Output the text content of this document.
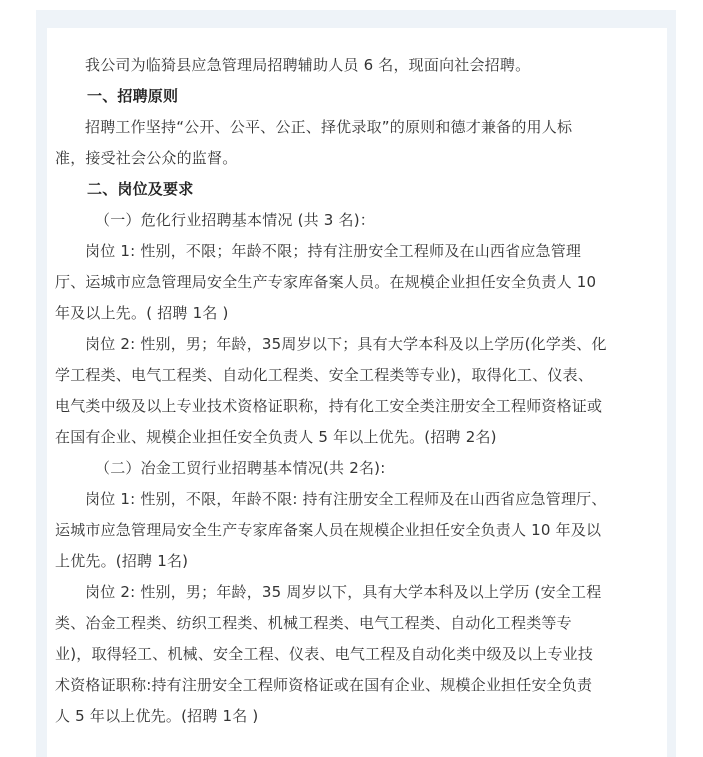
我公司为临猗县应急管理局招聘辅助人员 6 名，现面向社会招聘。

一、招聘原则

招聘工作坚持“公开、公平、公正、择优录取”的原则和德才兼备的用人标

准，接受社会公众的监督。

二、岗位及要求

（一）危化行业招聘基本情况 (共 3 名)：

岗位 1: 性别，不限；年龄不限；持有注册安全工程师及在山西省应急管理

厅、运城市应急管理局安全生产专家库备案人员。在规模企业担任安全负责人 10

年及以上先。( 招聘 1名 )

岗位 2: 性别，男；年龄，35周岁以下；具有大学本科及以上学历(化学类、化

学工程类、电气工程类、自动化工程类、安全工程类等专业)，取得化工、仪表、

电气类中级及以上专业技术资格证职称，持有化工安全类注册安全工程师资格证或

在国有企业、规模企业担任安全负责人 5 年以上优先。(招聘 2名)

（二）冶金工贸行业招聘基本情况(共 2名):

岗位 1: 性别，不限，年龄不限: 持有注册安全工程师及在山西省应急管理厅、

运城市应急管理局安全生产专家库备案人员在规模企业担任安全负责人 10 年及以

上优先。(招聘 1名)

岗位 2: 性别，男；年龄，35 周岁以下，具有大学本科及以上学历 (安全工程

类、冶金工程类、纺织工程类、机械工程类、电气工程类、自动化工程类等专

业)，取得轻工、机械、安全工程、仪表、电气工程及自动化类中级及以上专业技

术资格证职称:持有注册安全工程师资格证或在国有企业、规模企业担任安全负责

人 5 年以上优先。(招聘 1名 )
